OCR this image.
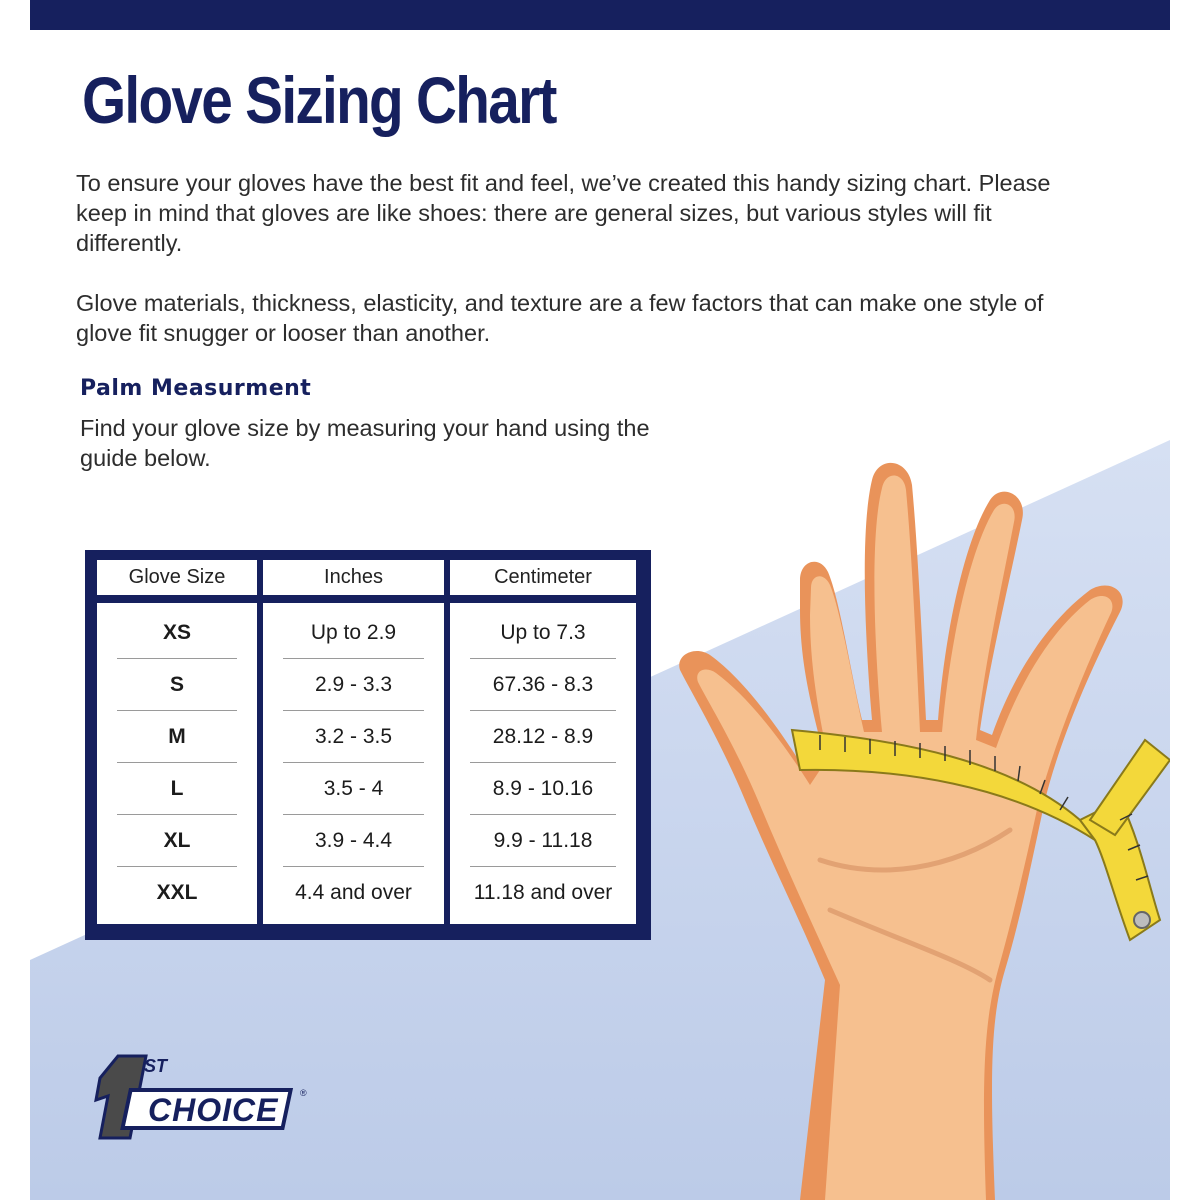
Glove Sizing Chart

To ensure your gloves have the best fit and feel, we’ve created this handy sizing chart. Please keep in mind that gloves are like shoes: there are general sizes, but various styles will fit differently.

Glove materials, thickness, elasticity, and texture are a few factors that can make one style of glove fit snugger or looser than another.

Palm Measurment

Find your glove size by measuring your hand using the guide below.

Glove Size
XS
S
M
L
XL
XXL
Inches
Up to 2.9
2.9 - 3.3
3.2 - 3.5
3.5 - 4
3.9 - 4.4
4.4 and over
Centimeter
Up to 7.3
67.36 - 8.3
28.12 - 8.9
8.9 - 10.16
9.9 - 11.18
11.18 and over
ST
CHOICE ®
